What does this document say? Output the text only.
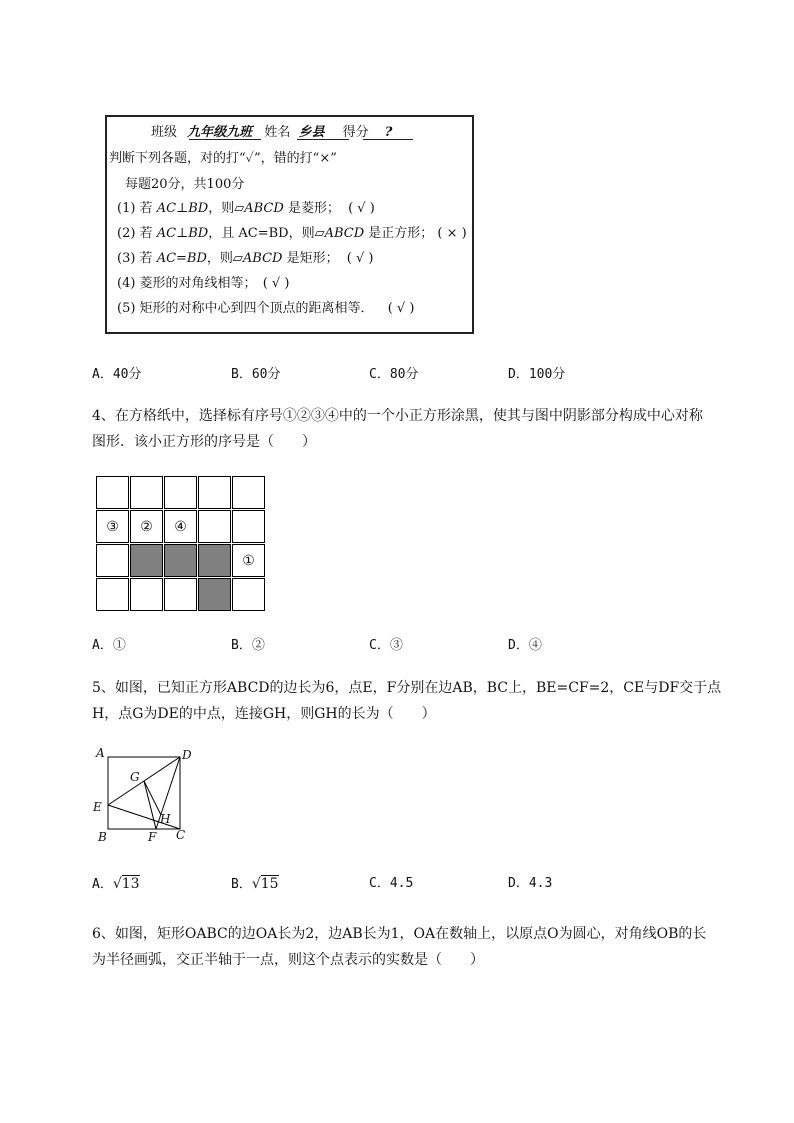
班级 九年级九班 姓名 乡县 得分 ?
判断下列各题，对的打“✓”，错的打“×”
每题20分，共100分
(1) 若 AC⊥BD，则▱ABCD 是菱形； ( √ )
(2) 若 AC⊥BD，且 AC=BD，则▱ABCD 是正方形； ( × )
(3) 若 AC=BD，则▱ABCD 是矩形； ( √ )
(4) 菱形的对角线相等； ( √ )
(5) 矩形的对称中心到四个顶点的距离相等． ( √ )
A．40分	B．60分	C．80分	D．100分
4、在方格纸中，选择标有序号①②③④中的一个小正方形涂黑，使其与图中阴影部分构成中心对称
图形．该小正方形的序号是（　　）
③ ② ④
①
A．①	B．②	C．③	D．④
5、如图，已知正方形ABCD的边长为6，点E，F分别在边AB，BC上，BE=CF=2，CE与DF交于点
H，点G为DE的中点，连接GH，则GH的长为（　　）
A	D
G
E
H
B	F C
A．√13	B．√15	C．4.5	D．4.3
6、如图，矩形OABC的边OA长为2，边AB长为1，OA在数轴上，以原点O为圆心，对角线OB的长
为半径画弧，交正半轴于一点，则这个点表示的实数是（　　）
